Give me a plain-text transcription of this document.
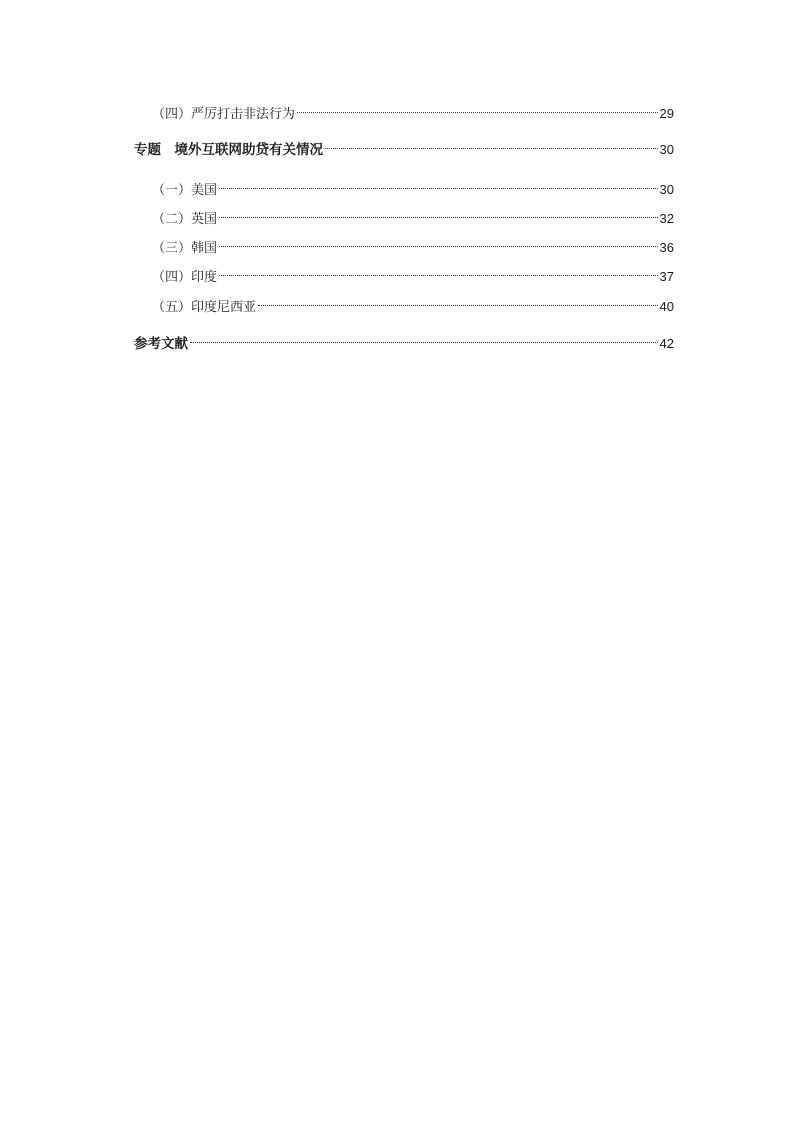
（四）严厉打击非法行为	29
专题　境外互联网助贷有关情况	30
（一）美国	30
（二）英国	32
（三）韩国	36
（四）印度	37
（五）印度尼西亚	40
参考文献	42
